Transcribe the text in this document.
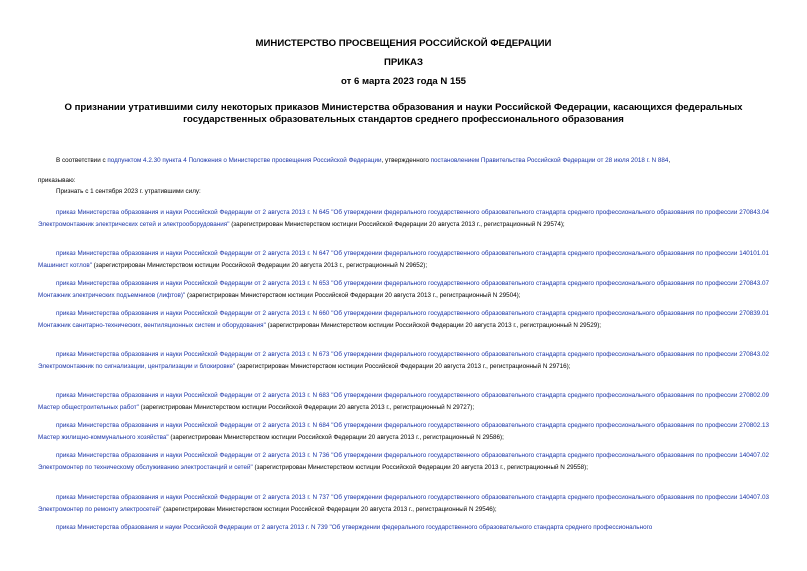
МИНИСТЕРСТВО ПРОСВЕЩЕНИЯ РОССИЙСКОЙ ФЕДЕРАЦИИ
ПРИКАЗ
от 6 марта 2023 года N 155
О признании утратившими силу некоторых приказов Министерства образования и науки Российской Федерации, касающихся федеральных государственных образовательных стандартов среднего профессионального образования
В соответствии с подпунктом 4.2.30 пункта 4 Положения о Министерстве просвещения Российской Федерации, утвержденного постановлением Правительства Российской Федерации от 28 июля 2018 г. N 884,
приказываю:
Признать с 1 сентября 2023 г. утратившими силу:
приказ Министерства образования и науки Российской Федерации от 2 августа 2013 г. N 645 "Об утверждении федерального государственного образовательного стандарта среднего профессионального образования по профессии 270843.04 Электромонтажник электрических сетей и электрооборудования" (зарегистрирован Министерством юстиции Российской Федерации 20 августа 2013 г., регистрационный N 29574);
приказ Министерства образования и науки Российской Федерации от 2 августа 2013 г. N 647 "Об утверждении федерального государственного образовательного стандарта среднего профессионального образования по профессии 140101.01 Машинист котлов" (зарегистрирован Министерством юстиции Российской Федерации 20 августа 2013 г., регистрационный N 29652);
приказ Министерства образования и науки Российской Федерации от 2 августа 2013 г. N 653 "Об утверждении федерального государственного образовательного стандарта среднего профессионального образования по профессии 270843.07 Монтажник электрических подъемников (лифтов)" (зарегистрирован Министерством юстиции Российской Федерации 20 августа 2013 г., регистрационный N 29504);
приказ Министерства образования и науки Российской Федерации от 2 августа 2013 г. N 660 "Об утверждении федерального государственного образовательного стандарта среднего профессионального образования по профессии 270839.01 Монтажник санитарно-технических, вентиляционных систем и оборудования" (зарегистрирован Министерством юстиции Российской Федерации 20 августа 2013 г., регистрационный N 29529);
приказ Министерства образования и науки Российской Федерации от 2 августа 2013 г. N 673 "Об утверждении федерального государственного образовательного стандарта среднего профессионального образования по профессии 270843.02 Электромонтажник по сигнализации, централизации и блокировке" (зарегистрирован Министерством юстиции Российской Федерации 20 августа 2013 г., регистрационный N 29716);
приказ Министерства образования и науки Российской Федерации от 2 августа 2013 г. N 683 "Об утверждении федерального государственного образовательного стандарта среднего профессионального образования по профессии 270802.09 Мастер общестроительных работ" (зарегистрирован Министерством юстиции Российской Федерации 20 августа 2013 г., регистрационный N 29727);
приказ Министерства образования и науки Российской Федерации от 2 августа 2013 г. N 684 "Об утверждении федерального государственного образовательного стандарта среднего профессионального образования по профессии 270802.13 Мастер жилищно-коммунального хозяйства" (зарегистрирован Министерством юстиции Российской Федерации 20 августа 2013 г., регистрационный N 29586);
приказ Министерства образования и науки Российской Федерации от 2 августа 2013 г. N 736 "Об утверждении федерального государственного образовательного стандарта среднего профессионального образования по профессии 140407.02 Электромонтер по техническому обслуживанию электростанций и сетей" (зарегистрирован Министерством юстиции Российской Федерации 20 августа 2013 г., регистрационный N 29558);
приказ Министерства образования и науки Российской Федерации от 2 августа 2013 г. N 737 "Об утверждении федерального государственного образовательного стандарта среднего профессионального образования по профессии 140407.03 Электромонтер по ремонту электросетей" (зарегистрирован Министерством юстиции Российской Федерации 20 августа 2013 г., регистрационный N 29546);
приказ Министерства образования и науки Российской Федерации от 2 августа 2013 г. N 739 "Об утверждении федерального государственного образовательного стандарта среднего профессионального
